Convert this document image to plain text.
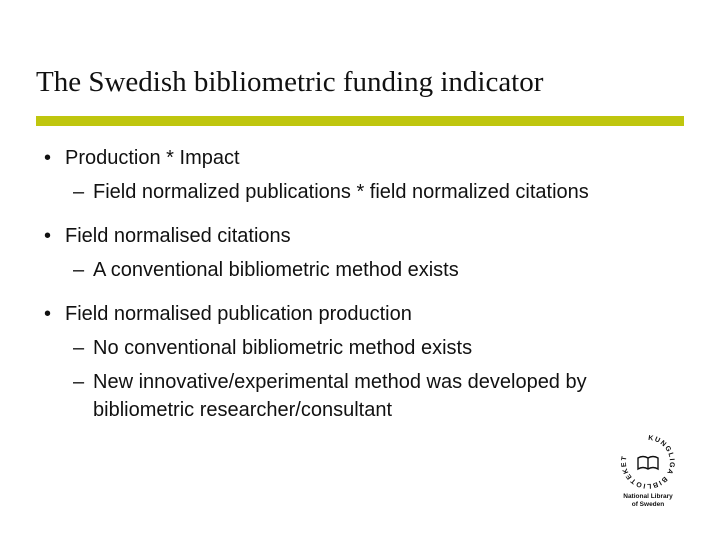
The Swedish bibliometric funding indicator
• Production * Impact
– Field normalized publications * field normalized citations
• Field normalised citations
– A conventional bibliometric method exists
• Field normalised publication production
– No conventional bibliometric method exists
– New innovative/experimental method was developed by bibliometric researcher/consultant
KUNGLIGA BIBLIOTEKET
National Library
of Sweden
